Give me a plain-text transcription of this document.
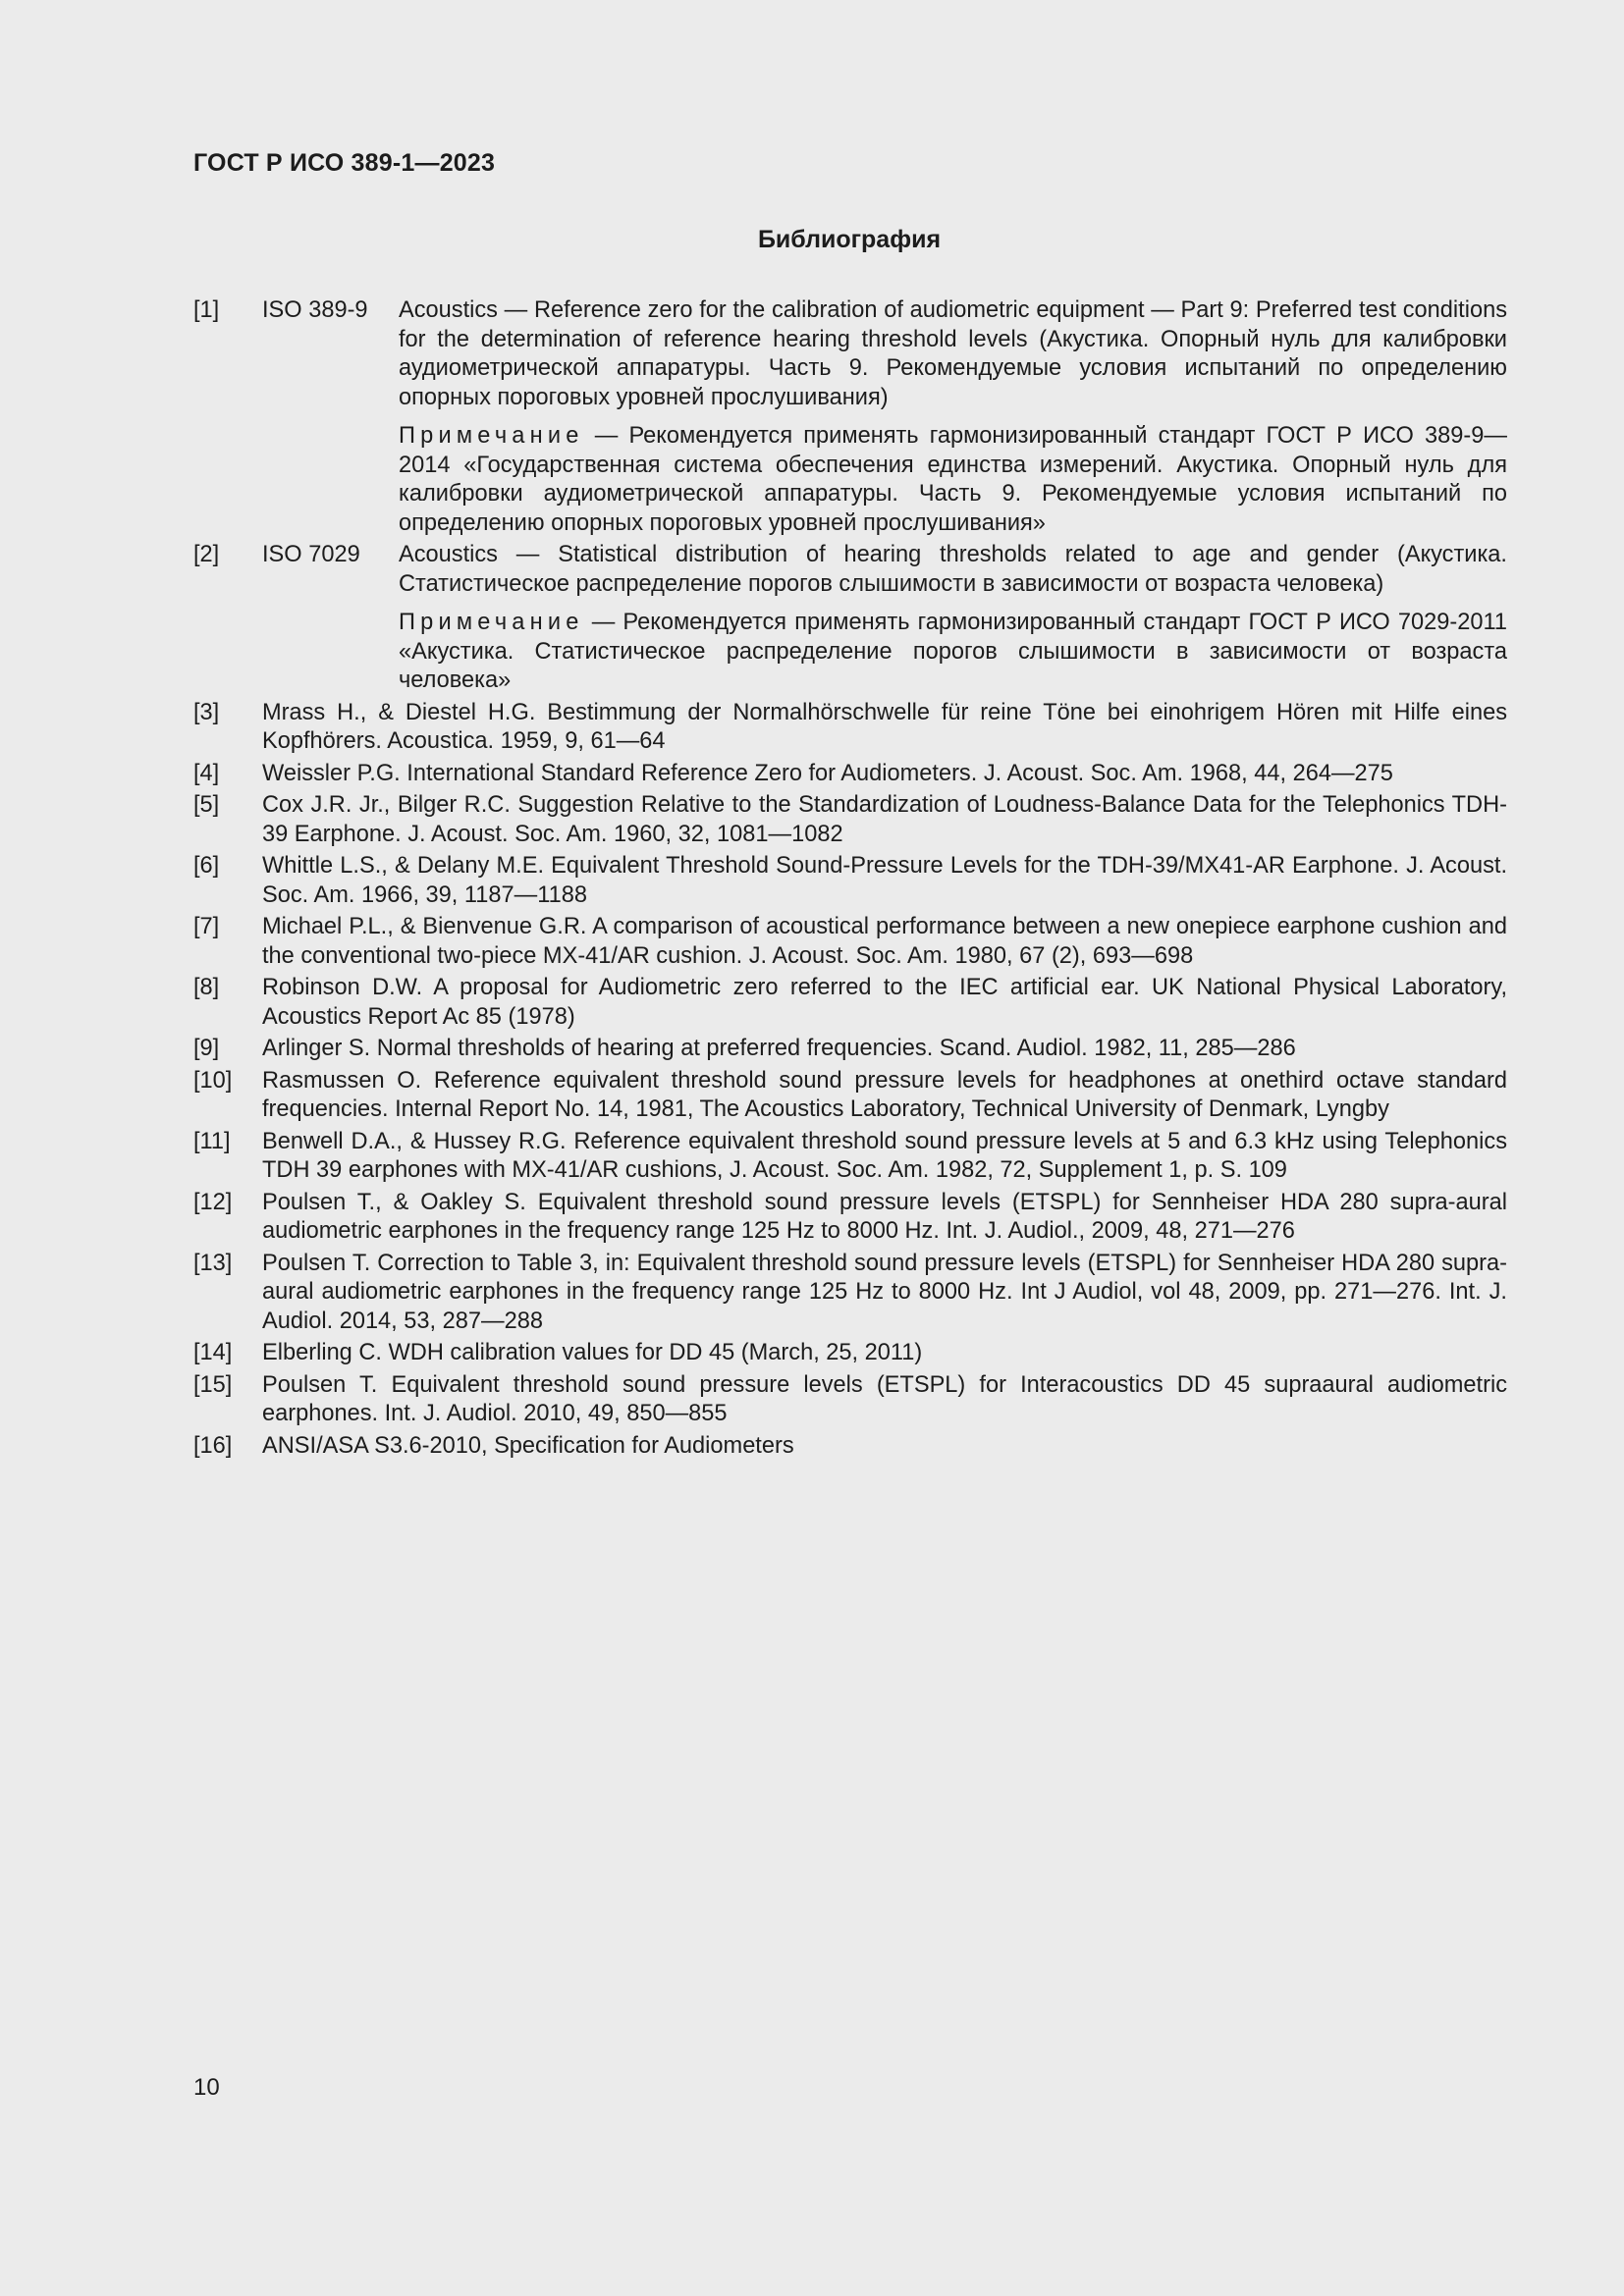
ГОСТ Р ИСО 389-1—2023
Библиография
[1]	ISO 389-9	Acoustics — Reference zero for the calibration of audiometric equipment — Part 9: Preferred test conditions for the determination of reference hearing threshold levels (Акустика. Опорный нуль для калибровки аудиометрической аппаратуры. Часть 9. Рекомендуемые условия испытаний по определению опорных пороговых уровней прослушивания)

Примечание — Рекомендуется применять гармонизированный стандарт ГОСТ Р ИСО 389-9—2014 «Государственная система обеспечения единства измерений. Акустика. Опорный нуль для калибровки аудиометрической аппаратуры. Часть 9. Рекомендуемые условия испытаний по определению опорных пороговых уровней прослушивания»

[2]	ISO 7029	Acoustics — Statistical distribution of hearing thresholds related to age and gender (Акустика. Статистическое распределение порогов слышимости в зависимости от возраста человека)

Примечание — Рекомендуется применять гармонизированный стандарт ГОСТ Р ИСО 7029-2011 «Акустика. Статистическое распределение порогов слышимости в зависимости от возраста человека»

[3]	Mrass H., & Diestel H.G. Bestimmung der Normalhörschwelle für reine Töne bei einohrigem Hören mit Hilfe eines Kopfhörers. Acoustica. 1959, 9, 61—64
[4]	Weissler P.G. International Standard Reference Zero for Audiometers. J. Acoust. Soc. Am. 1968, 44, 264—275
[5]	Cox J.R. Jr., Bilger R.C. Suggestion Relative to the Standardization of Loudness-Balance Data for the Telephonics TDH-39 Earphone. J. Acoust. Soc. Am. 1960, 32, 1081—1082
[6]	Whittle L.S., & Delany M.E. Equivalent Threshold Sound-Pressure Levels for the TDH-39/MX41-AR Earphone. J. Acoust. Soc. Am. 1966, 39, 1187—1188
[7]	Michael P.L., & Bienvenue G.R. A comparison of acoustical performance between a new onepiece earphone cushion and the conventional two-piece MX-41/AR cushion. J. Acoust. Soc. Am. 1980, 67 (2), 693—698
[8]	Robinson D.W. A proposal for Audiometric zero referred to the IEC artificial ear. UK National Physical Laboratory, Acoustics Report Ac 85 (1978)
[9]	Arlinger S. Normal thresholds of hearing at preferred frequencies. Scand. Audiol. 1982, 11, 285—286
[10]	Rasmussen O. Reference equivalent threshold sound pressure levels for headphones at onethird octave standard frequencies. Internal Report No. 14, 1981, The Acoustics Laboratory, Technical University of Denmark, Lyngby
[11]	Benwell D.A., & Hussey R.G. Reference equivalent threshold sound pressure levels at 5 and 6.3 kHz using Telephonics TDH 39 earphones with MX-41/AR cushions, J. Acoust. Soc. Am. 1982, 72, Supplement 1, p. S. 109
[12]	Poulsen T., & Oakley S. Equivalent threshold sound pressure levels (ETSPL) for Sennheiser HDA 280 supra-aural audiometric earphones in the frequency range 125 Hz to 8000 Hz. Int. J. Audiol., 2009, 48, 271—276
[13]	Poulsen T. Correction to Table 3, in: Equivalent threshold sound pressure levels (ETSPL) for Sennheiser HDA 280 supra-aural audiometric earphones in the frequency range 125 Hz to 8000 Hz. Int J Audiol, vol 48, 2009, pp. 271—276. Int. J. Audiol. 2014, 53, 287—288
[14]	Elberling C. WDH calibration values for DD 45 (March, 25, 2011)
[15]	Poulsen T. Equivalent threshold sound pressure levels (ETSPL) for Interacoustics DD 45 supraaural audiometric earphones. Int. J. Audiol. 2010, 49, 850—855
[16]	ANSI/ASA S3.6-2010, Specification for Audiometers
10
